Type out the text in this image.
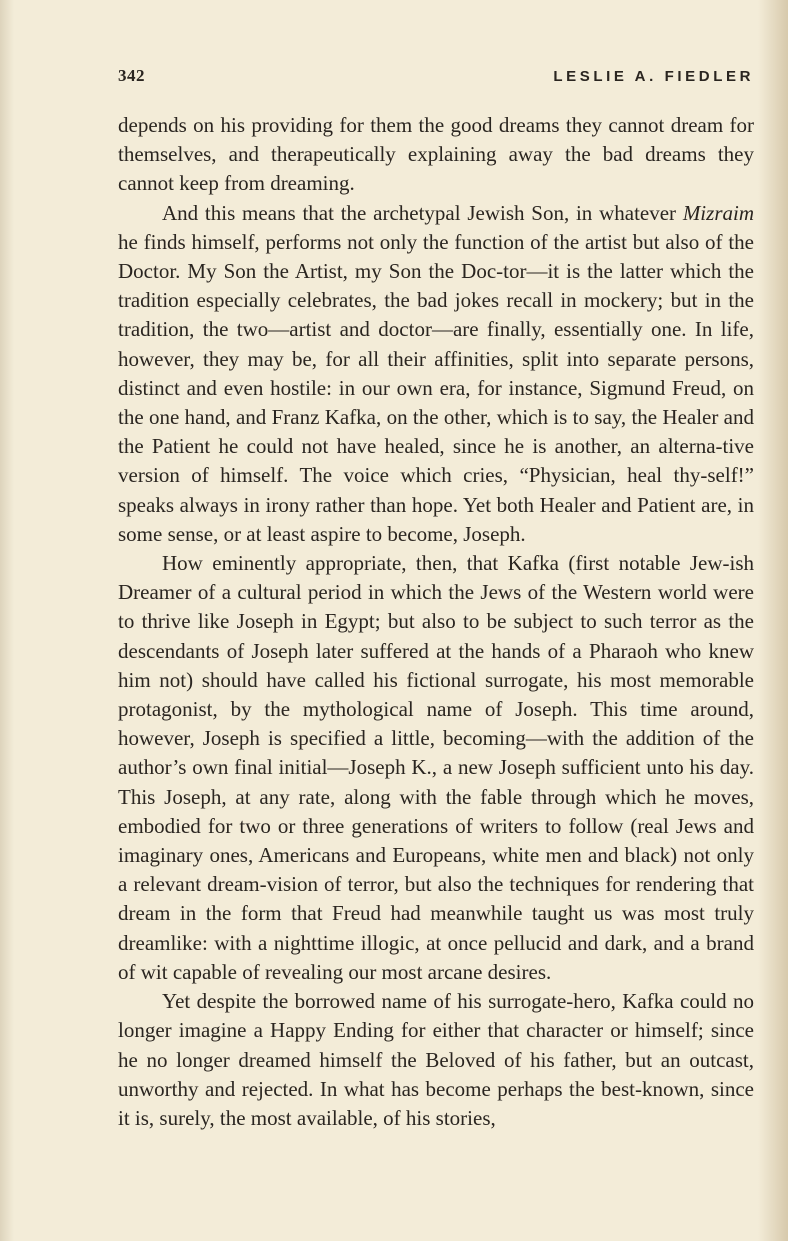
342	LESLIE A. FIEDLER

depends on his providing for them the good dreams they cannot dream for themselves, and therapeutically explaining away the bad dreams they cannot keep from dreaming.

And this means that the archetypal Jewish Son, in whatever Mizraim he finds himself, performs not only the function of the artist but also of the Doctor. My Son the Artist, my Son the Doc-tor—it is the latter which the tradition especially celebrates, the bad jokes recall in mockery; but in the tradition, the two—artist and doctor—are finally, essentially one. In life, however, they may be, for all their affinities, split into separate persons, distinct and even hostile: in our own era, for instance, Sigmund Freud, on the one hand, and Franz Kafka, on the other, which is to say, the Healer and the Patient he could not have healed, since he is another, an alterna-tive version of himself. The voice which cries, “Physician, heal thy-self!” speaks always in irony rather than hope. Yet both Healer and Patient are, in some sense, or at least aspire to become, Joseph.

How eminently appropriate, then, that Kafka (first notable Jew-ish Dreamer of a cultural period in which the Jews of the Western world were to thrive like Joseph in Egypt; but also to be subject to such terror as the descendants of Joseph later suffered at the hands of a Pharaoh who knew him not) should have called his fictional surrogate, his most memorable protagonist, by the mythological name of Joseph. This time around, however, Joseph is specified a little, becoming—with the addition of the author’s own final initial—Joseph K., a new Joseph sufficient unto his day. This Joseph, at any rate, along with the fable through which he moves, embodied for two or three generations of writers to follow (real Jews and imaginary ones, Americans and Europeans, white men and black) not only a relevant dream-vision of terror, but also the techniques for rendering that dream in the form that Freud had meanwhile taught us was most truly dreamlike: with a nighttime illogic, at once pellucid and dark, and a brand of wit capable of revealing our most arcane desires.

Yet despite the borrowed name of his surrogate-hero, Kafka could no longer imagine a Happy Ending for either that character or himself; since he no longer dreamed himself the Beloved of his father, but an outcast, unworthy and rejected. In what has become perhaps the best-known, since it is, surely, the most available, of his stories,
